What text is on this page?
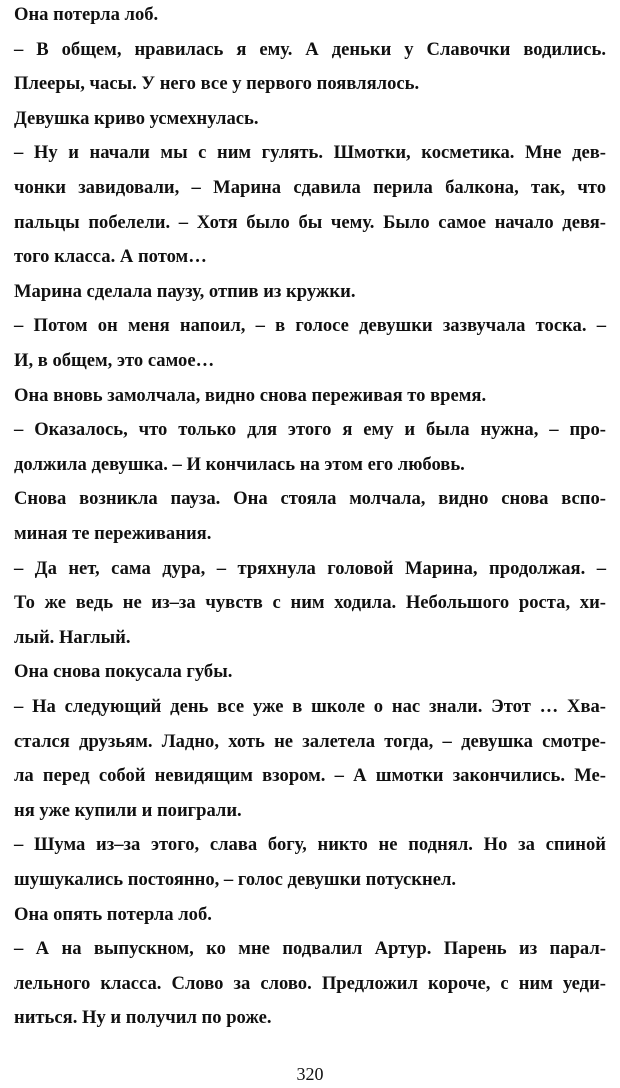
Она потерла лоб.
– В общем, нравилась я ему. А деньки у Славочки водились.
Плееры, часы. У него все у первого появлялось.
Девушка криво усмехнулась.
– Ну и начали мы с ним гулять. Шмотки, косметика. Мне дев-
чонки завидовали, – Марина сдавила перила балкона, так, что
пальцы побелели. – Хотя было бы чему. Было самое начало девя-
того класса. А потом…
Марина сделала паузу, отпив из кружки.
– Потом он меня напоил, – в голосе девушки зазвучала тоска. –
И, в общем, это самое…
Она вновь замолчала, видно снова переживая то время.
– Оказалось, что только для этого я ему и была нужна, – про-
должила девушка. – И кончилась на этом его любовь.
Снова возникла пауза. Она стояла молчала, видно снова вспо-
миная те переживания.
– Да нет, сама дура, – тряхнула головой Марина, продолжая. –
То же ведь не из–за чувств с ним ходила. Небольшого роста, хи-
лый. Наглый.
Она снова покусала губы.
– На следующий день все уже в школе о нас знали. Этот … Хва-
стался друзьям. Ладно, хоть не залетела тогда, – девушка смотре-
ла перед собой невидящим взором. – А шмотки закончились. Ме-
ня уже купили и поиграли.
– Шума из–за этого, слава богу, никто не поднял. Но за спиной
шушукались постоянно, – голос девушки потускнел.
Она опять потерла лоб.
– А на выпускном, ко мне подвалил Артур. Парень из парал-
лельного класса. Слово за слово. Предложил короче, с ним уеди-
ниться. Ну и получил по роже.
320
